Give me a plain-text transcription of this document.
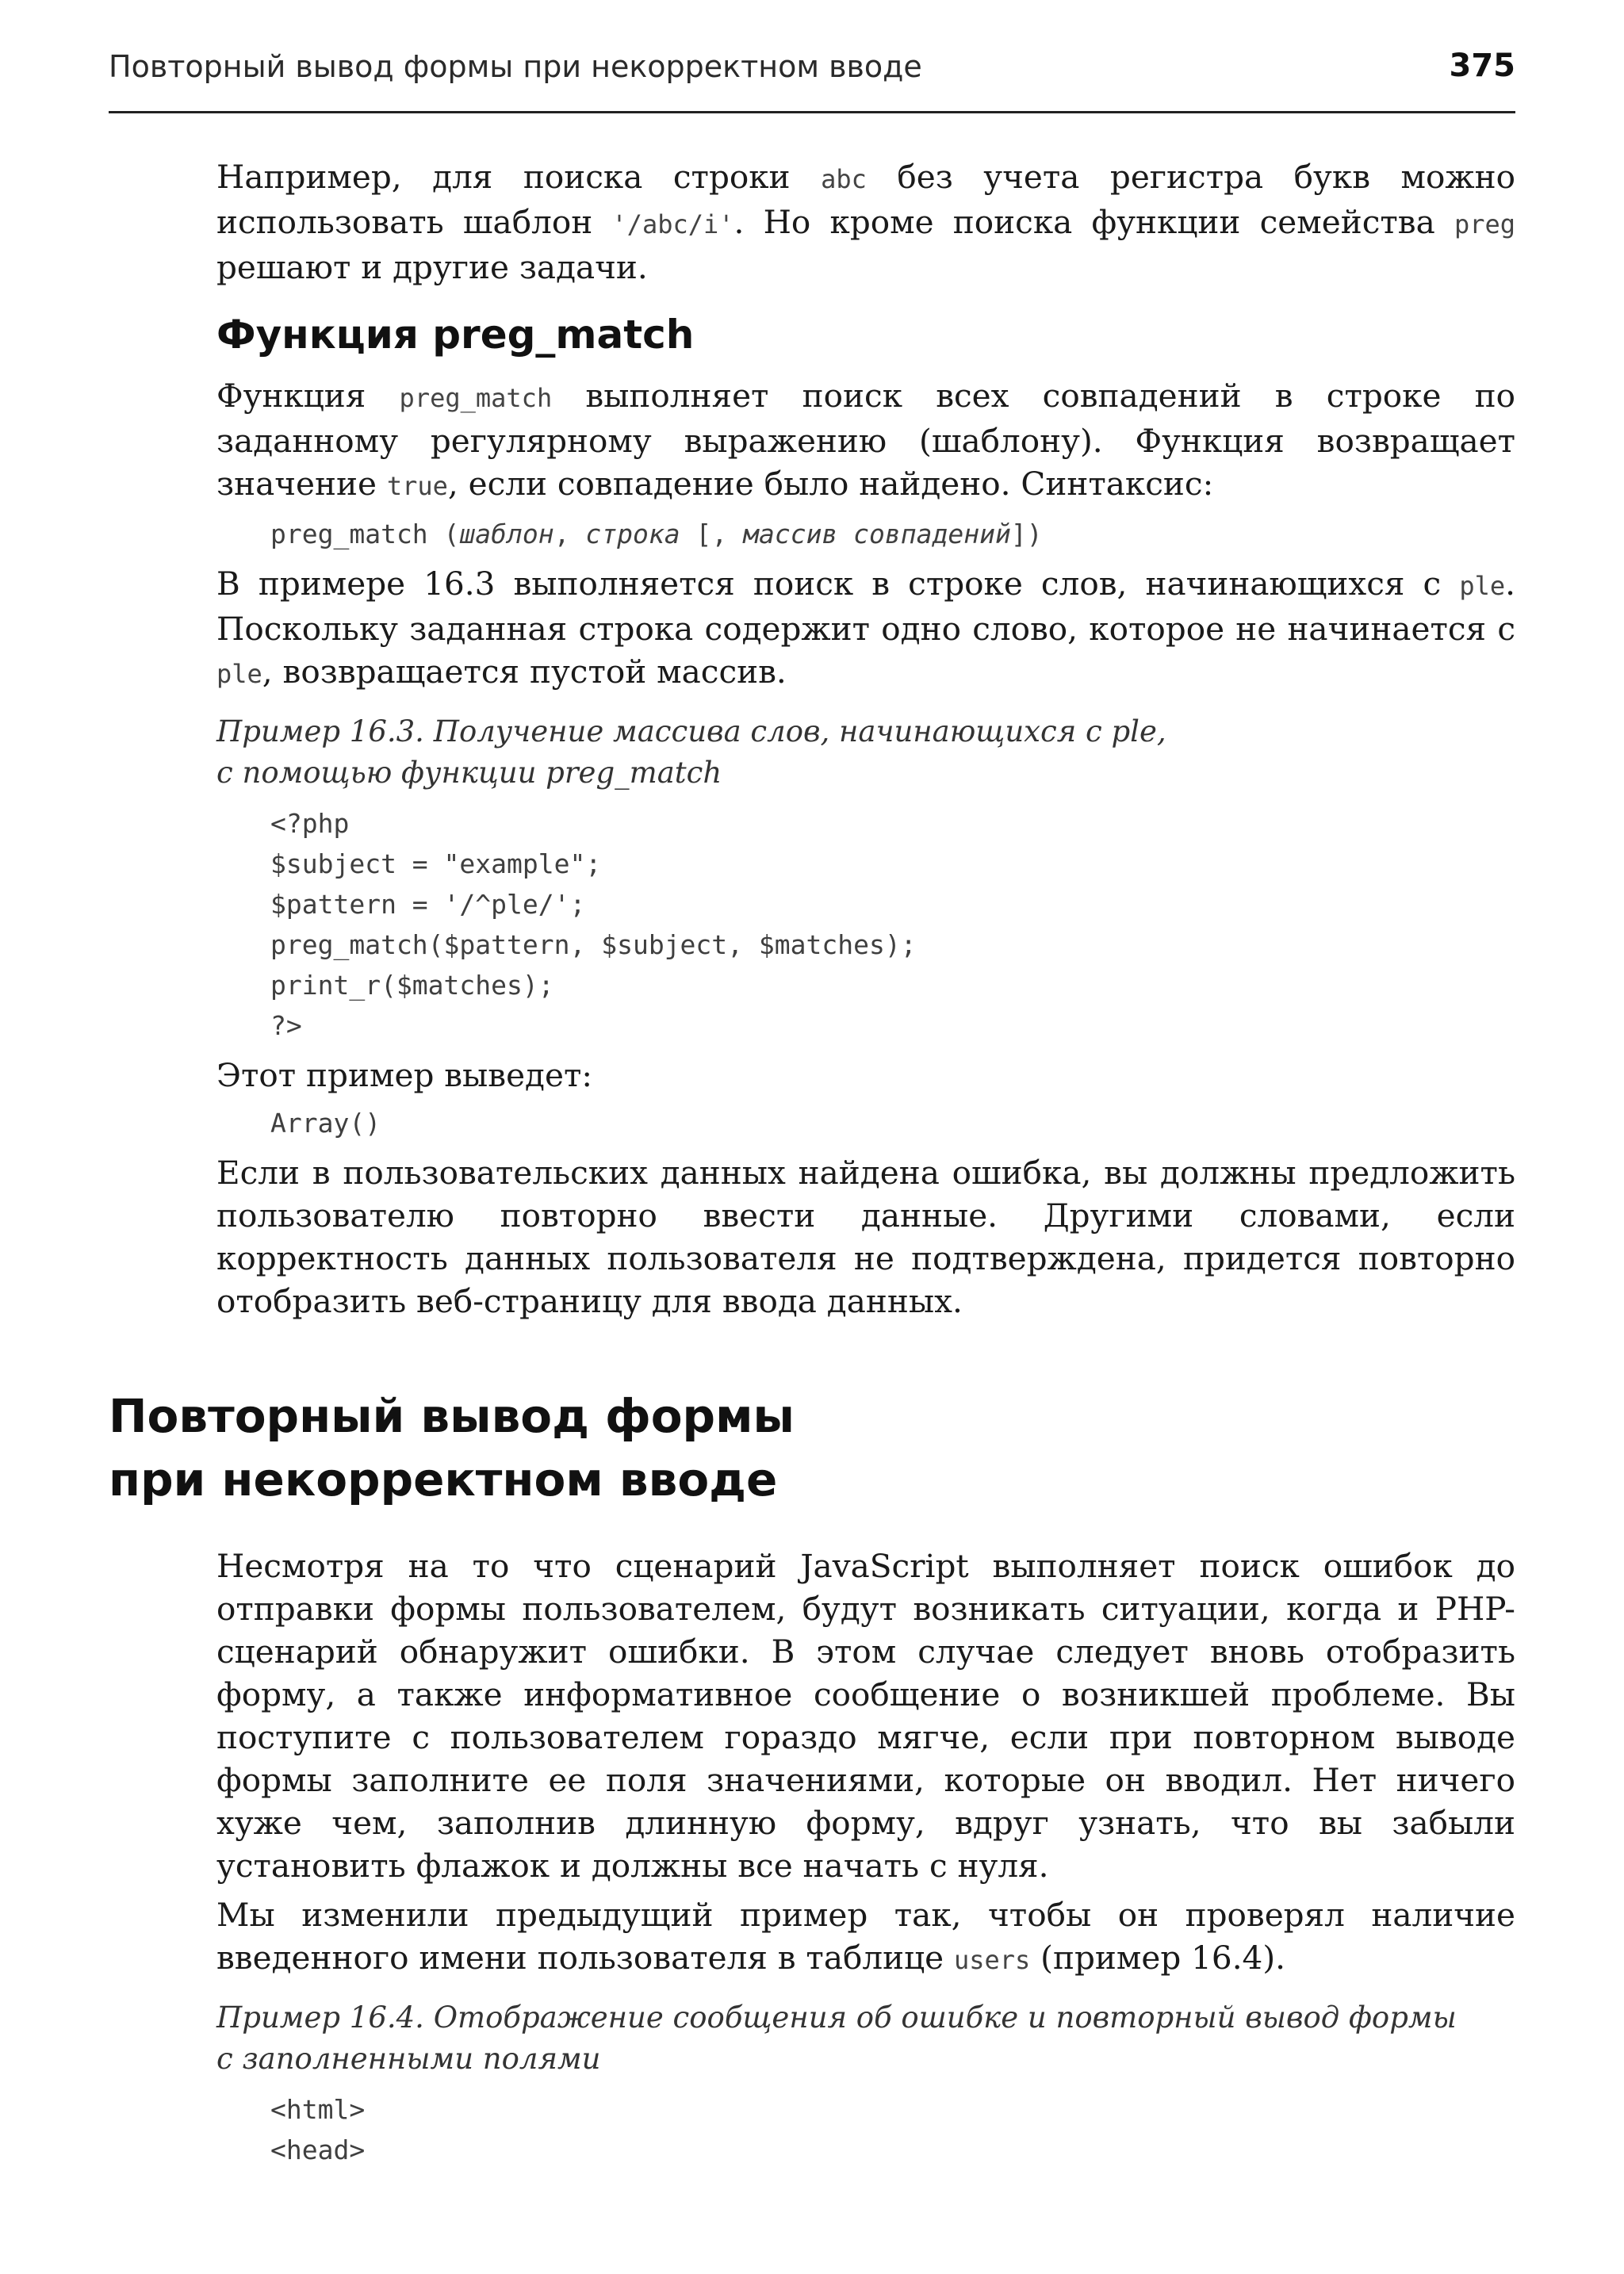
Повторный вывод формы при некорректном вводе	375

Например, для поиска строки abc без учета регистра букв можно использовать шаблон '/abc/i'. Но кроме поиска функции семейства preg решают и другие задачи.

Функция preg_match

Функция preg_match выполняет поиск всех совпадений в строке по заданному регулярному выражению (шаблону). Функция возвращает значение true, если совпадение было найдено. Синтаксис:

preg_match (шаблон, строка [, массив совпадений])

В примере 16.3 выполняется поиск в строке слов, начинающихся с ple. Поскольку заданная строка содержит одно слово, которое не начинается с ple, возвращается пустой массив.

Пример 16.3. Получение массива слов, начинающихся с ple,
с помощью функции preg_match
<?php
$subject = "example";
$pattern = '/^ple/';
preg_match($pattern, $subject, $matches);
print_r($matches);
?>

Этот пример выведет:

Array()

Если в пользовательских данных найдена ошибка, вы должны предложить пользователю повторно ввести данные. Другими словами, если корректность данных пользователя не подтверждена, придется повторно отобразить веб-страницу для ввода данных.

Повторный вывод формы
при некорректном вводе

Несмотря на то что сценарий JavaScript выполняет поиск ошибок до отправки формы пользователем, будут возникать ситуации, когда и PHP-сценарий обнаружит ошибки. В этом случае следует вновь отобразить форму, а также информативное сообщение о возникшей проблеме. Вы поступите с пользователем гораздо мягче, если при повторном выводе формы заполните ее поля значениями, которые он вводил. Нет ничего хуже чем, заполнив длинную форму, вдруг узнать, что вы забыли установить флажок и должны все начать с нуля.

Мы изменили предыдущий пример так, чтобы он проверял наличие введенного имени пользователя в таблице users (пример 16.4).

Пример 16.4. Отображение сообщения об ошибке и повторный вывод формы
с заполненными полями
<html>
<head>
